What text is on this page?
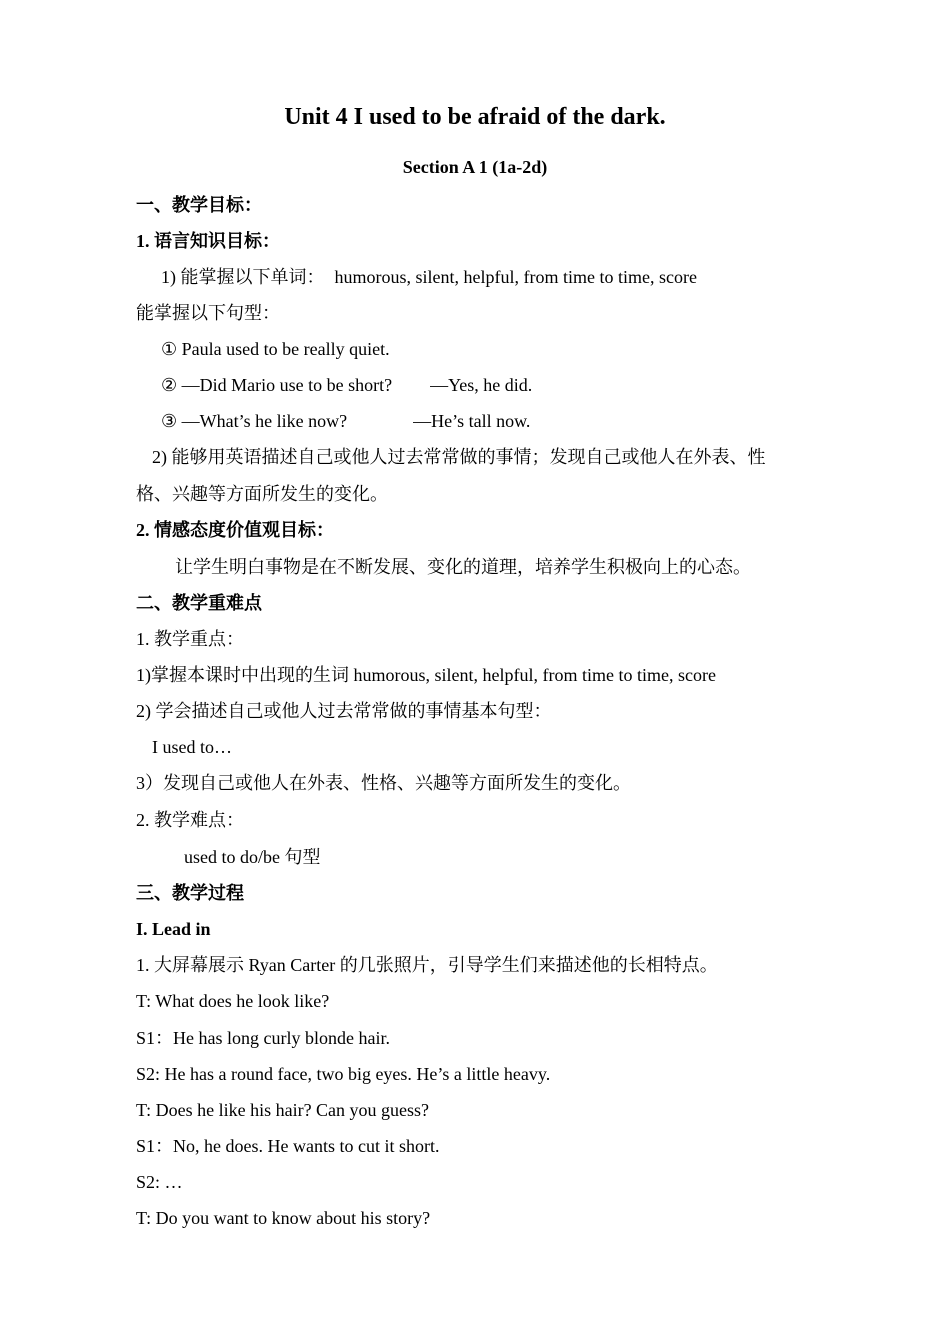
Unit 4 I used to be afraid of the dark.
Section A 1 (1a-2d)
一、教学目标：
1. 语言知识目标：
1) 能掌握以下单词： humorous, silent, helpful, from time to time, score
能掌握以下句型：
① Paula used to be really quiet.
② —Did Mario use to be short? —Yes, he did.
③ —What’s he like now?	—He’s tall now.
2) 能够用英语描述自己或他人过去常常做的事情；发现自己或他人在外表、性
格、兴趣等方面所发生的变化。
2. 情感态度价值观目标：
让学生明白事物是在不断发展、变化的道理，培养学生积极向上的心态。
二、教学重难点
1. 教学重点：
1)掌握本课时中出现的生词 humorous, silent, helpful, from time to time, score
2) 学会描述自己或他人过去常常做的事情基本句型：
I used to…
3）发现自己或他人在外表、性格、兴趣等方面所发生的变化。
2. 教学难点：
used to do/be 句型
三、教学过程
I. Lead in
1. 大屏幕展示 Ryan Carter 的几张照片，引导学生们来描述他的长相特点。
T: What does he look like?
S1：He has long curly blonde hair.
S2: He has a round face, two big eyes. He’s a little heavy.
T: Does he like his hair? Can you guess?
S1：No, he does. He wants to cut it short.
S2: …
T: Do you want to know about his story?
